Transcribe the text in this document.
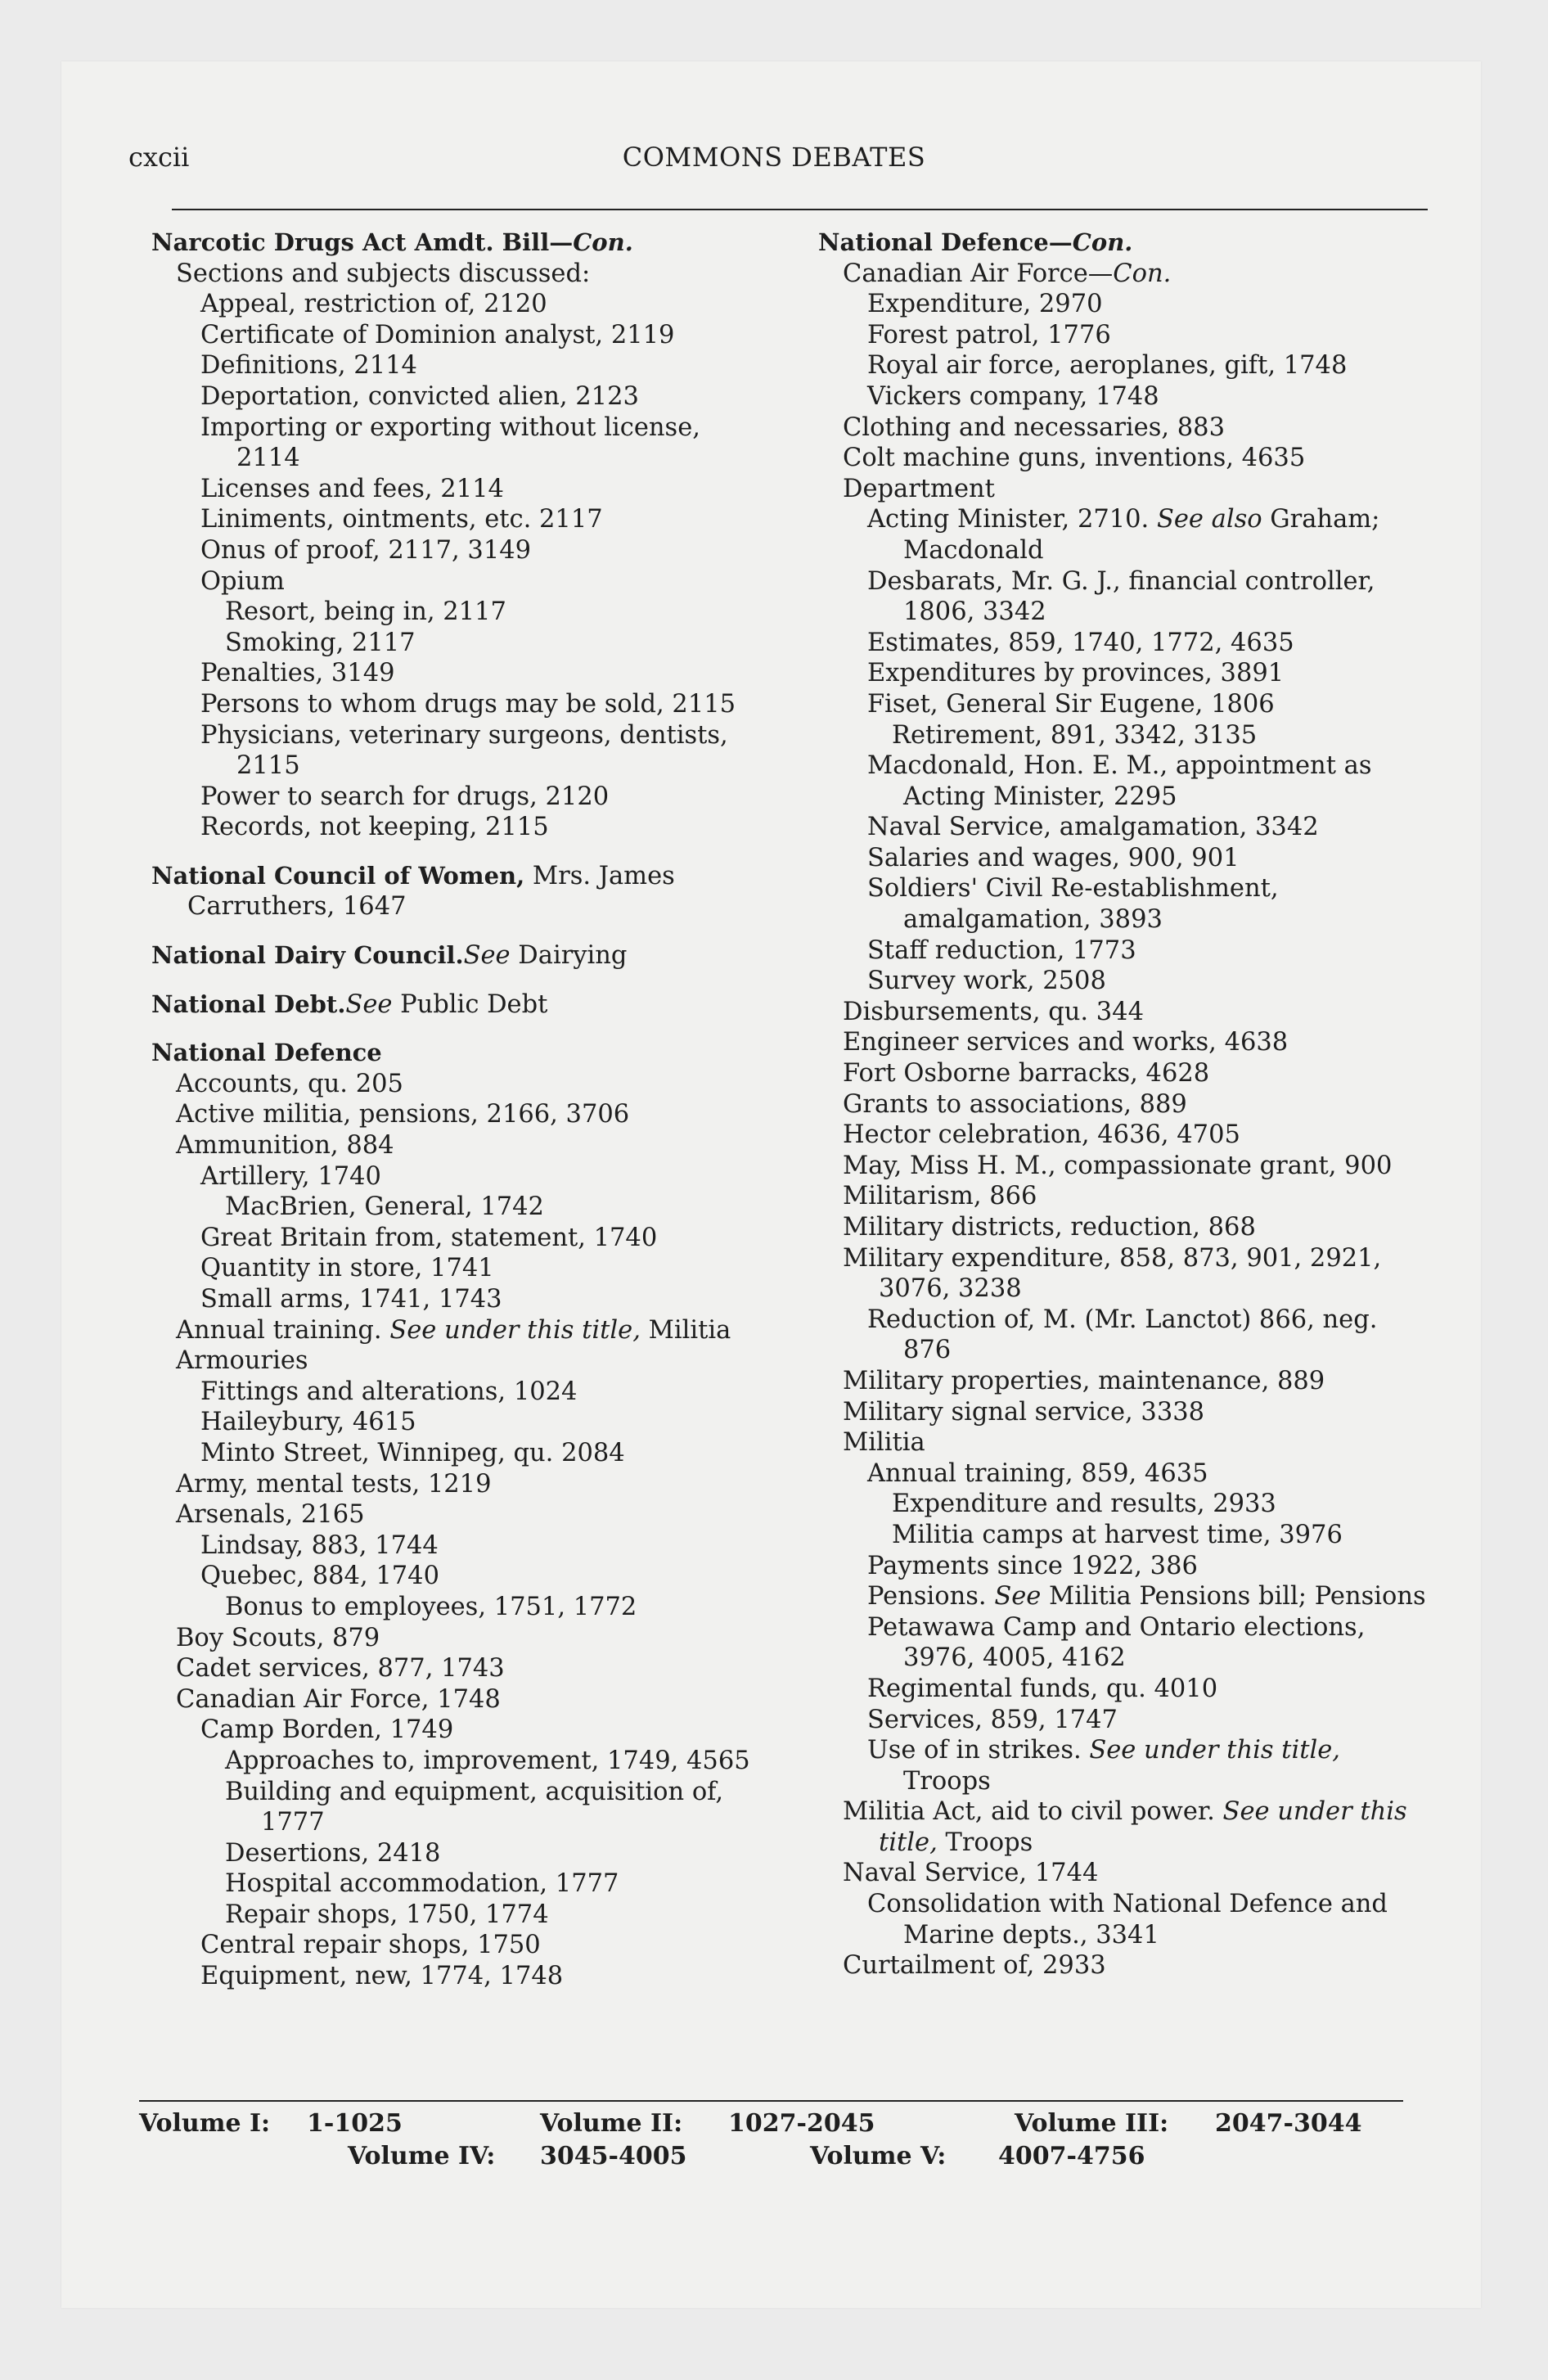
cxcii	COMMONS DEBATES
Narcotic Drugs Act Amdt. Bill—Con.
Sections and subjects discussed:
Appeal, restriction of, 2120
Certificate of Dominion analyst, 2119
Definitions, 2114
Deportation, convicted alien, 2123
Importing or exporting without license, 2114
Licenses and fees, 2114
Liniments, ointments, etc. 2117
Onus of proof, 2117, 3149
Opium
Resort, being in, 2117
Smoking, 2117
Penalties, 3149
Persons to whom drugs may be sold, 2115
Physicians, veterinary surgeons, dentists, 2115
Power to search for drugs, 2120
Records, not keeping, 2115
National Council of Women, Mrs. James Carruthers, 1647
National Dairy Council.See Dairying
National Debt.See Public Debt
National Defence
Accounts, qu. 205
Active militia, pensions, 2166, 3706
Ammunition, 884
Artillery, 1740
MacBrien, General, 1742
Great Britain from, statement, 1740
Quantity in store, 1741
Small arms, 1741, 1743
Annual training. See under this title, Militia
Armouries
Fittings and alterations, 1024
Haileybury, 4615
Minto Street, Winnipeg, qu. 2084
Army, mental tests, 1219
Arsenals, 2165
Lindsay, 883, 1744
Quebec, 884, 1740
Bonus to employees, 1751, 1772
Boy Scouts, 879
Cadet services, 877, 1743
Canadian Air Force, 1748
Camp Borden, 1749
Approaches to, improvement, 1749, 4565
Building and equipment, acquisition of, 1777
Desertions, 2418
Hospital accommodation, 1777
Repair shops, 1750, 1774
Central repair shops, 1750
Equipment, new, 1774, 1748
National Defence—Con.
Canadian Air Force—Con.
Expenditure, 2970
Forest patrol, 1776
Royal air force, aeroplanes, gift, 1748
Vickers company, 1748
Clothing and necessaries, 883
Colt machine guns, inventions, 4635
Department
Acting Minister, 2710. See also Graham; Macdonald
Desbarats, Mr. G. J., financial controller, 1806, 3342
Estimates, 859, 1740, 1772, 4635
Expenditures by provinces, 3891
Fiset, General Sir Eugene, 1806
Retirement, 891, 3342, 3135
Macdonald, Hon. E. M., appointment as Acting Minister, 2295
Naval Service, amalgamation, 3342
Salaries and wages, 900, 901
Soldiers' Civil Re-establishment, amalgamation, 3893
Staff reduction, 1773
Survey work, 2508
Disbursements, qu. 344
Engineer services and works, 4638
Fort Osborne barracks, 4628
Grants to associations, 889
Hector celebration, 4636, 4705
May, Miss H. M., compassionate grant, 900
Militarism, 866
Military districts, reduction, 868
Military expenditure, 858, 873, 901, 2921, 3076, 3238
Reduction of, M. (Mr. Lanctot) 866, neg. 876
Military properties, maintenance, 889
Military signal service, 3338
Militia
Annual training, 859, 4635
Expenditure and results, 2933
Militia camps at harvest time, 3976
Payments since 1922, 386
Pensions. See Militia Pensions bill; Pensions
Petawawa Camp and Ontario elections, 3976, 4005, 4162
Regimental funds, qu. 4010
Services, 859, 1747
Use of in strikes. See under this title, Troops
Militia Act, aid to civil power. See under this title, Troops
Naval Service, 1744
Consolidation with National Defence and Marine depts., 3341
Curtailment of, 2933
Volume I: 1-1025	Volume II: 1027-2045	Volume III: 2047-3044
Volume IV: 3045-4005	Volume V: 4007-4756
